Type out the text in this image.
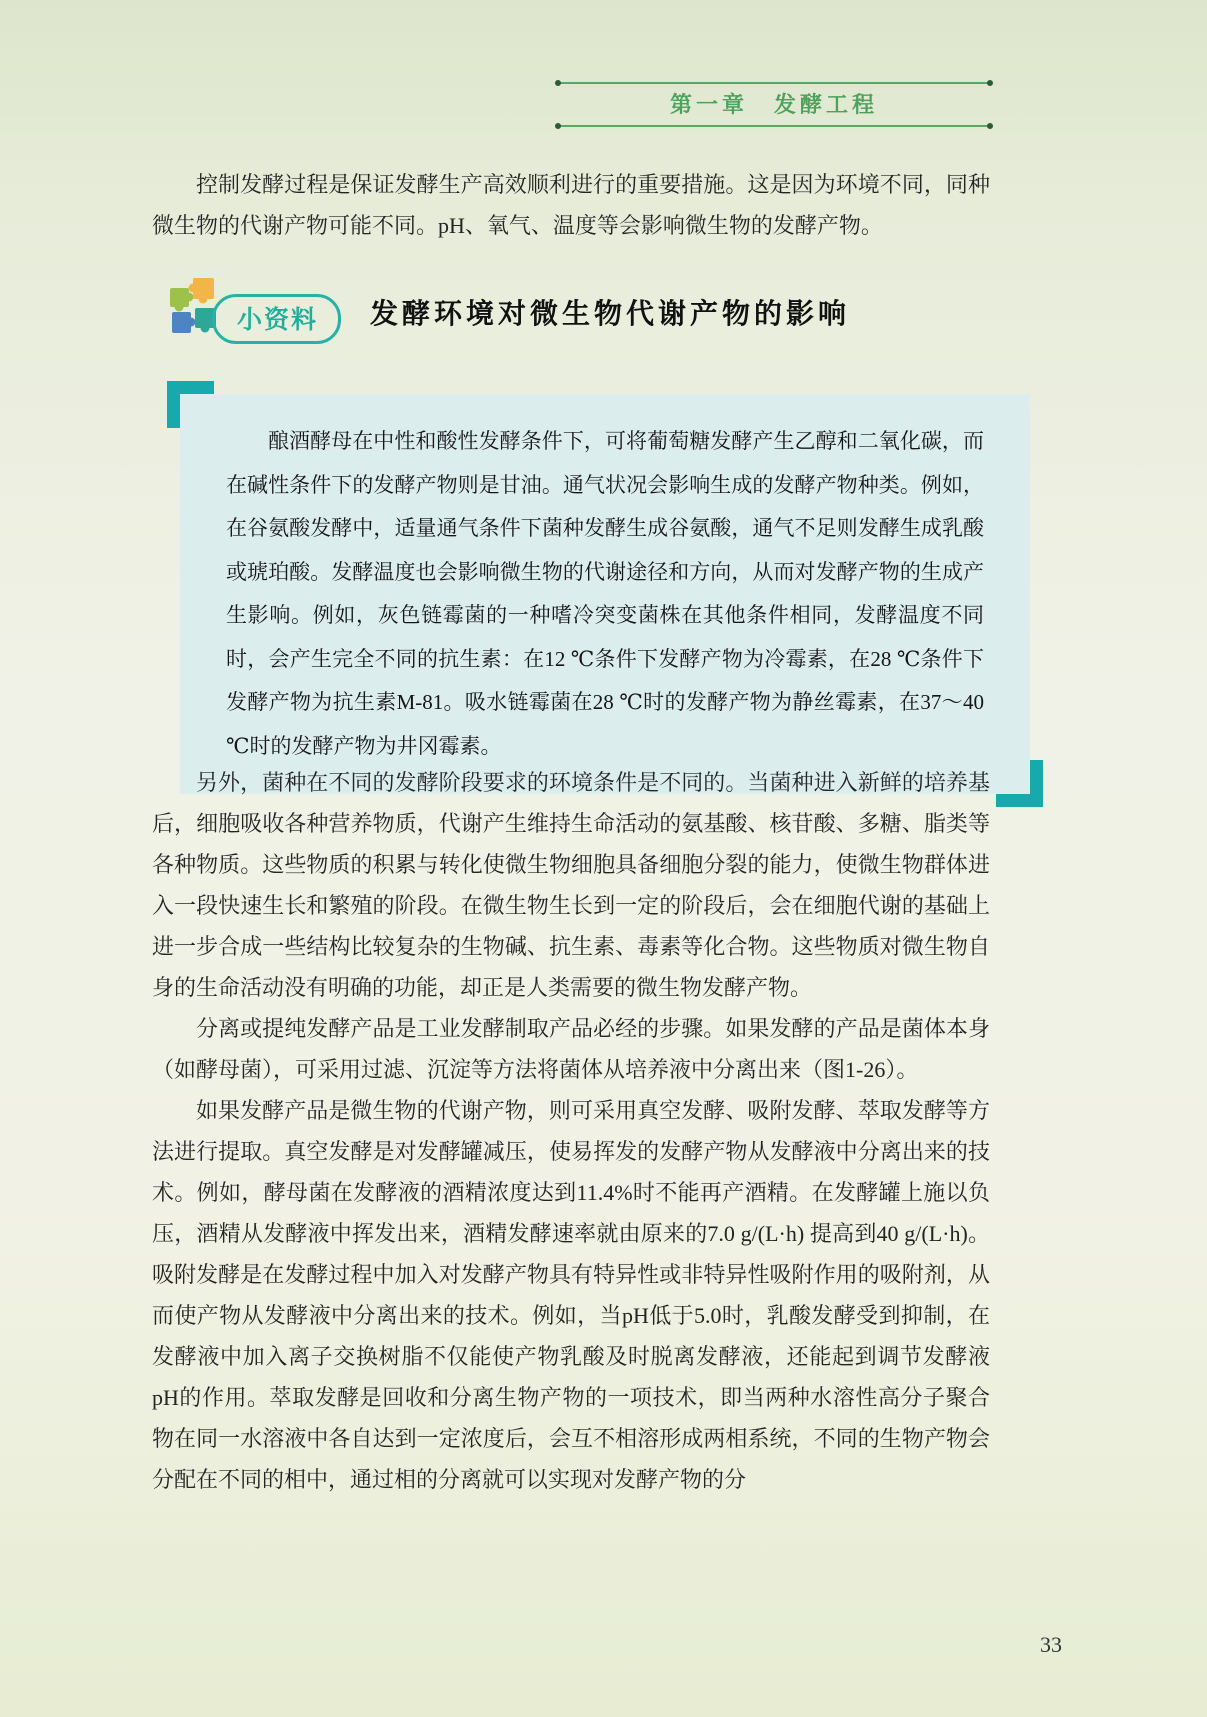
第一章　发酵工程

控制发酵过程是保证发酵生产高效顺利进行的重要措施。这是因为环境不同，同种微生物的代谢产物可能不同。pH、氧气、温度等会影响微生物的发酵产物。

小资料	发酵环境对微生物代谢产物的影响

酿酒酵母在中性和酸性发酵条件下，可将葡萄糖发酵产生乙醇和二氧化碳，而在碱性条件下的发酵产物则是甘油。通气状况会影响生成的发酵产物种类。例如，在谷氨酸发酵中，适量通气条件下菌种发酵生成谷氨酸，通气不足则发酵生成乳酸或琥珀酸。发酵温度也会影响微生物的代谢途径和方向，从而对发酵产物的生成产生影响。例如，灰色链霉菌的一种嗜冷突变菌株在其他条件相同，发酵温度不同时，会产生完全不同的抗生素：在12 ℃条件下发酵产物为冷霉素，在28 ℃条件下发酵产物为抗生素M-81。吸水链霉菌在28 ℃时的发酵产物为静丝霉素，在37～40 ℃时的发酵产物为井冈霉素。

另外，菌种在不同的发酵阶段要求的环境条件是不同的。当菌种进入新鲜的培养基后，细胞吸收各种营养物质，代谢产生维持生命活动的氨基酸、核苷酸、多糖、脂类等各种物质。这些物质的积累与转化使微生物细胞具备细胞分裂的能力，使微生物群体进入一段快速生长和繁殖的阶段。在微生物生长到一定的阶段后，会在细胞代谢的基础上进一步合成一些结构比较复杂的生物碱、抗生素、毒素等化合物。这些物质对微生物自身的生命活动没有明确的功能，却正是人类需要的微生物发酵产物。

分离或提纯发酵产品是工业发酵制取产品必经的步骤。如果发酵的产品是菌体本身（如酵母菌），可采用过滤、沉淀等方法将菌体从培养液中分离出来（图1-26）。

如果发酵产品是微生物的代谢产物，则可采用真空发酵、吸附发酵、萃取发酵等方法进行提取。真空发酵是对发酵罐减压，使易挥发的发酵产物从发酵液中分离出来的技术。例如，酵母菌在发酵液的酒精浓度达到11.4%时不能再产酒精。在发酵罐上施以负压，酒精从发酵液中挥发出来，酒精发酵速率就由原来的7.0 g/(L·h) 提高到40 g/(L·h)。吸附发酵是在发酵过程中加入对发酵产物具有特异性或非特异性吸附作用的吸附剂，从而使产物从发酵液中分离出来的技术。例如，当pH低于5.0时，乳酸发酵受到抑制，在发酵液中加入离子交换树脂不仅能使产物乳酸及时脱离发酵液，还能起到调节发酵液pH的作用。萃取发酵是回收和分离生物产物的一项技术，即当两种水溶性高分子聚合物在同一水溶液中各自达到一定浓度后，会互不相溶形成两相系统，不同的生物产物会分配在不同的相中，通过相的分离就可以实现对发酵产物的分

33
